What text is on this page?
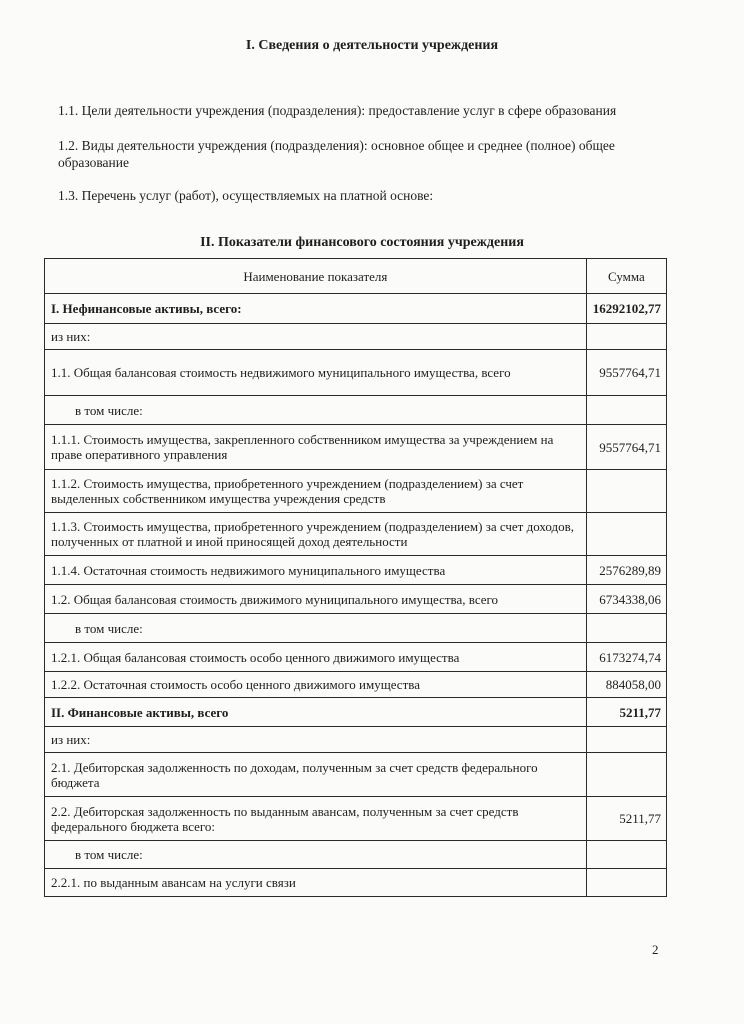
I. Сведения о деятельности учреждения

1.1. Цели деятельности учреждения (подразделения): предоставление услуг в сфере образования

1.2. Виды деятельности учреждения (подразделения): основное общее и среднее (полное) общее образование

1.3. Перечень услуг (работ), осуществляемых на платной основе:

II. Показатели финансового состояния учреждения
Наименование показателя	Сумма
I. Нефинансовые активы, всего:	16292102,77
из них:	
1.1. Общая балансовая стоимость недвижимого муниципального имущества, всего	9557764,71
в том числе:	
1.1.1. Стоимость имущества, закрепленного собственником имущества за учреждением на праве оперативного управления	9557764,71
1.1.2. Стоимость имущества, приобретенного учреждением (подразделением) за счет выделенных собственником имущества учреждения средств	
1.1.3. Стоимость имущества, приобретенного учреждением (подразделением) за счет доходов, полученных от платной и иной приносящей доход деятельности	
1.1.4. Остаточная стоимость недвижимого муниципального имущества	2576289,89
1.2. Общая балансовая стоимость движимого муниципального имущества, всего	6734338,06
в том числе:	
1.2.1. Общая балансовая стоимость особо ценного движимого имущества	6173274,74
1.2.2. Остаточная стоимость особо ценного движимого имущества	884058,00
II. Финансовые активы, всего	5211,77
из них:	
2.1. Дебиторская задолженность по доходам, полученным за счет средств федерального бюджета	
2.2. Дебиторская задолженность по выданным авансам, полученным за счет средств федерального бюджета всего:	5211,77
в том числе:	
2.2.1. по выданным авансам на услуги связи	
2
